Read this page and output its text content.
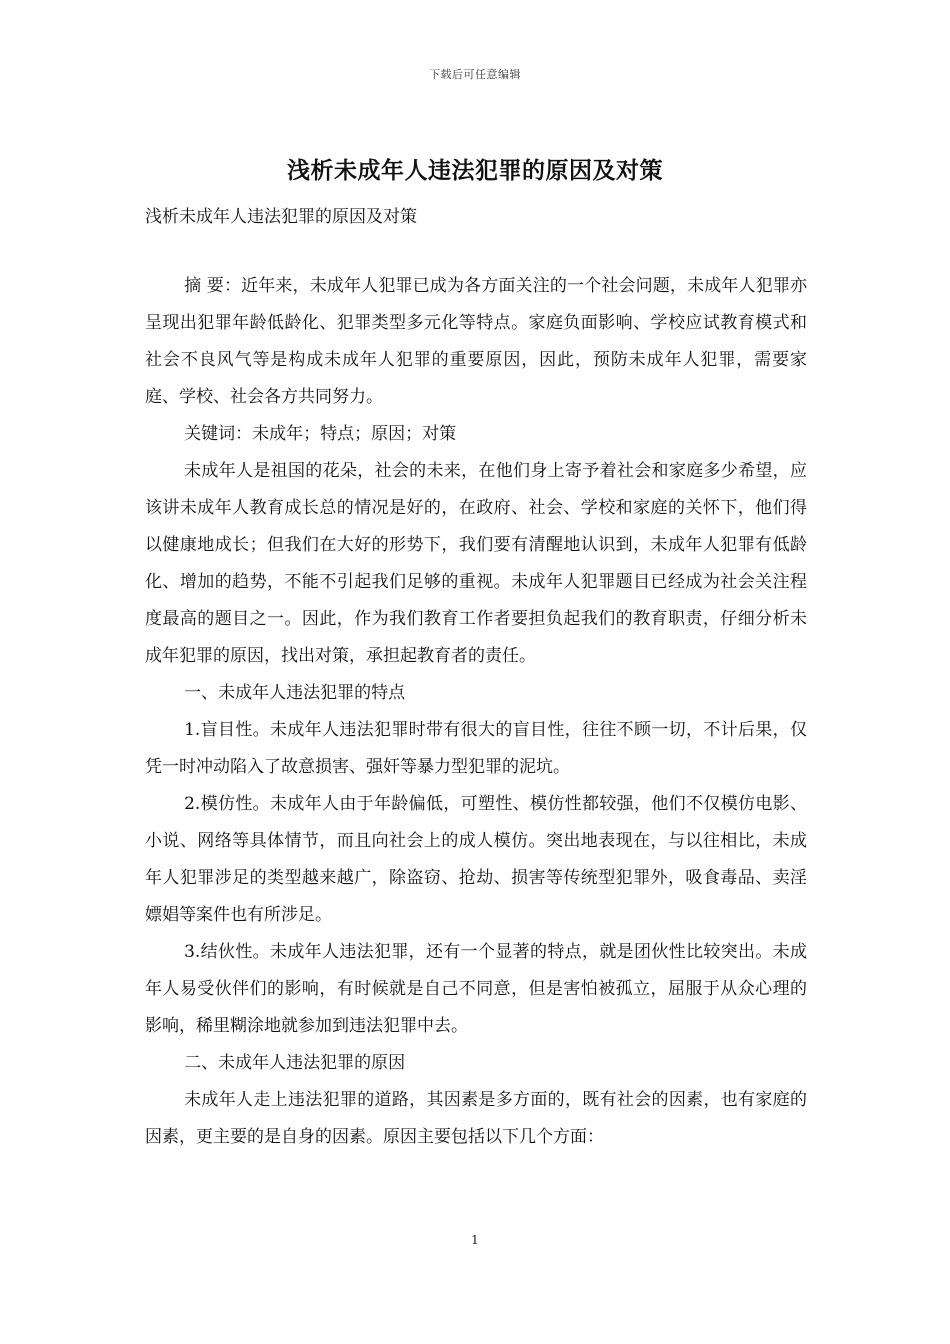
下载后可任意编辑
浅析未成年人违法犯罪的原因及对策
浅析未成年人违法犯罪的原因及对策

摘 要：近年来，未成年人犯罪已成为各方面关注的一个社会问题，未成年人犯罪亦呈现出犯罪年龄低龄化、犯罪类型多元化等特点。家庭负面影响、学校应试教育模式和社会不良风气等是构成未成年人犯罪的重要原因，因此，预防未成年人犯罪，需要家庭、学校、社会各方共同努力。

关键词：未成年；特点；原因；对策

未成年人是祖国的花朵，社会的未来，在他们身上寄予着社会和家庭多少希望，应该讲未成年人教育成长总的情况是好的，在政府、社会、学校和家庭的关怀下，他们得以健康地成长；但我们在大好的形势下，我们要有清醒地认识到，未成年人犯罪有低龄化、增加的趋势，不能不引起我们足够的重视。未成年人犯罪题目已经成为社会关注程度最高的题目之一。因此，作为我们教育工作者要担负起我们的教育职责，仔细分析未成年犯罪的原因，找出对策，承担起教育者的责任。

一、未成年人违法犯罪的特点

1.盲目性。未成年人违法犯罪时带有很大的盲目性，往往不顾一切，不计后果，仅凭一时冲动陷入了故意损害、强奸等暴力型犯罪的泥坑。

2.模仿性。未成年人由于年龄偏低，可塑性、模仿性都较强，他们不仅模仿电影、小说、网络等具体情节，而且向社会上的成人模仿。突出地表现在，与以往相比，未成年人犯罪涉足的类型越来越广，除盗窃、抢劫、损害等传统型犯罪外，吸食毒品、卖淫嫖娼等案件也有所涉足。

3.结伙性。未成年人违法犯罪，还有一个显著的特点，就是团伙性比较突出。未成年人易受伙伴们的影响，有时候就是自己不同意，但是害怕被孤立，屈服于从众心理的影响，稀里糊涂地就参加到违法犯罪中去。

二、未成年人违法犯罪的原因

未成年人走上违法犯罪的道路，其因素是多方面的，既有社会的因素，也有家庭的因素，更主要的是自身的因素。原因主要包括以下几个方面：

1
